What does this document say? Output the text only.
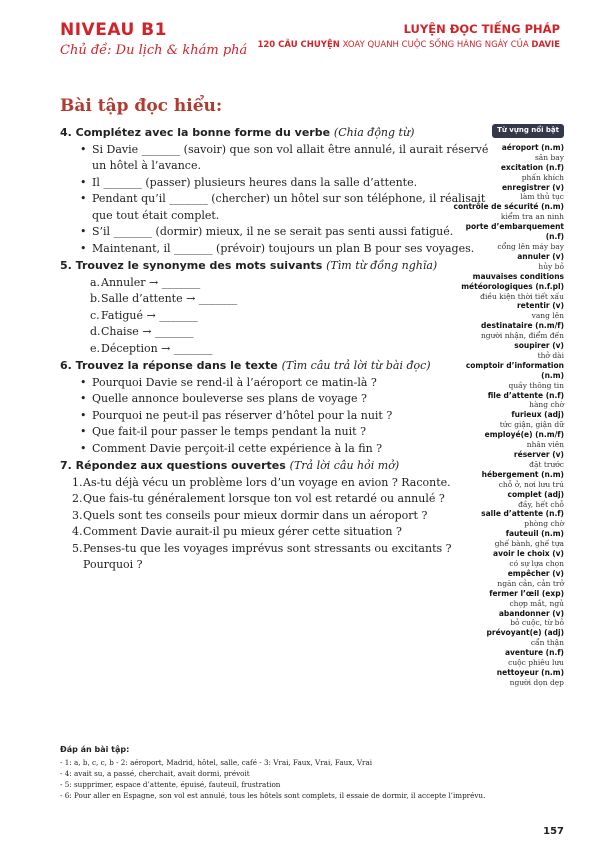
NIVEAU B1
Chủ đề: Du lịch & khám phá
LUYỆN ĐỌC TIẾNG PHÁP
120 CÂU CHUYỆN XOAY QUANH CUỘC SỐNG HÀNG NGÀY CỦA DAVIE
Bài tập đọc hiểu:
4. Complétez avec la bonne forme du verbe (Chia động từ)
• Si Davie _______ (savoir) que son vol allait être annulé, il aurait réservé un hôtel à l’avance.
• Il _______ (passer) plusieurs heures dans la salle d’attente.
• Pendant qu’il _______ (chercher) un hôtel sur son téléphone, il réalisait que tout était complet.
• S’il _______ (dormir) mieux, il ne se serait pas senti aussi fatigué.
• Maintenant, il _______ (prévoir) toujours un plan B pour ses voyages.
5. Trouvez le synonyme des mots suivants (Tìm từ đồng nghĩa)
a. Annuler → _______
b. Salle d’attente → _______
c. Fatigué → _______
d. Chaise → _______
e. Déception → _______
6. Trouvez la réponse dans le texte (Tìm câu trả lời từ bài đọc)
• Pourquoi Davie se rend-il à l’aéroport ce matin-là ?
• Quelle annonce bouleverse ses plans de voyage ?
• Pourquoi ne peut-il pas réserver d’hôtel pour la nuit ?
• Que fait-il pour passer le temps pendant la nuit ?
• Comment Davie perçoit-il cette expérience à la fin ?
7. Répondez aux questions ouvertes (Trả lời câu hỏi mở)
1. As-tu déjà vécu un problème lors d’un voyage en avion ? Raconte.
2. Que fais-tu généralement lorsque ton vol est retardé ou annulé ?
3. Quels sont tes conseils pour mieux dormir dans un aéroport ?
4. Comment Davie aurait-il pu mieux gérer cette situation ?
5. Penses-tu que les voyages imprévus sont stressants ou excitants ? Pourquoi ?
Từ vựng nổi bật
aéroport (n.m)
sân bay
excitation (n.f)
phấn khích
enregistrer (v)
làm thủ tục
contrôle de sécurité (n.m)
kiểm tra an ninh
porte d’embarquement (n.f)
cổng lên máy bay
annuler (v)
hủy bỏ
mauvaises conditions météorologiques (n.f.pl)
điều kiện thời tiết xấu
retentir (v)
vang lên
destinataire (n.m/f)
người nhận, điểm đến
soupirer (v)
thở dài
comptoir d’information (n.m)
quầy thông tin
file d’attente (n.f)
hàng chờ
furieux (adj)
tức giận, giận dữ
employé(e) (n.m/f)
nhân viên
réserver (v)
đặt trước
hébergement (n.m)
chỗ ở, nơi lưu trú
complet (adj)
đầy, hết chỗ
salle d’attente (n.f)
phòng chờ
fauteuil (n.m)
ghế bành, ghế tựa
avoir le choix (v)
có sự lựa chọn
empêcher (v)
ngăn cản, cản trở
fermer l’œil (exp)
chợp mắt, ngủ
abandonner (v)
bỏ cuộc, từ bỏ
prévoyant(e) (adj)
cẩn thận
aventure (n.f)
cuộc phiêu lưu
nettoyeur (n.m)
người dọn dẹp
Đáp án bài tập:
- 1: a, b, c, c, b - 2: aéroport, Madrid, hôtel, salle, café - 3: Vrai, Faux, Vrai, Faux, Vrai
- 4: avait su, a passé, cherchait, avait dormi, prévoit
- 5: supprimer, espace d’attente, épuisé, fauteuil, frustration
- 6: Pour aller en Espagne, son vol est annulé, tous les hôtels sont complets, il essaie de dormir, il accepte l’imprévu.
157
